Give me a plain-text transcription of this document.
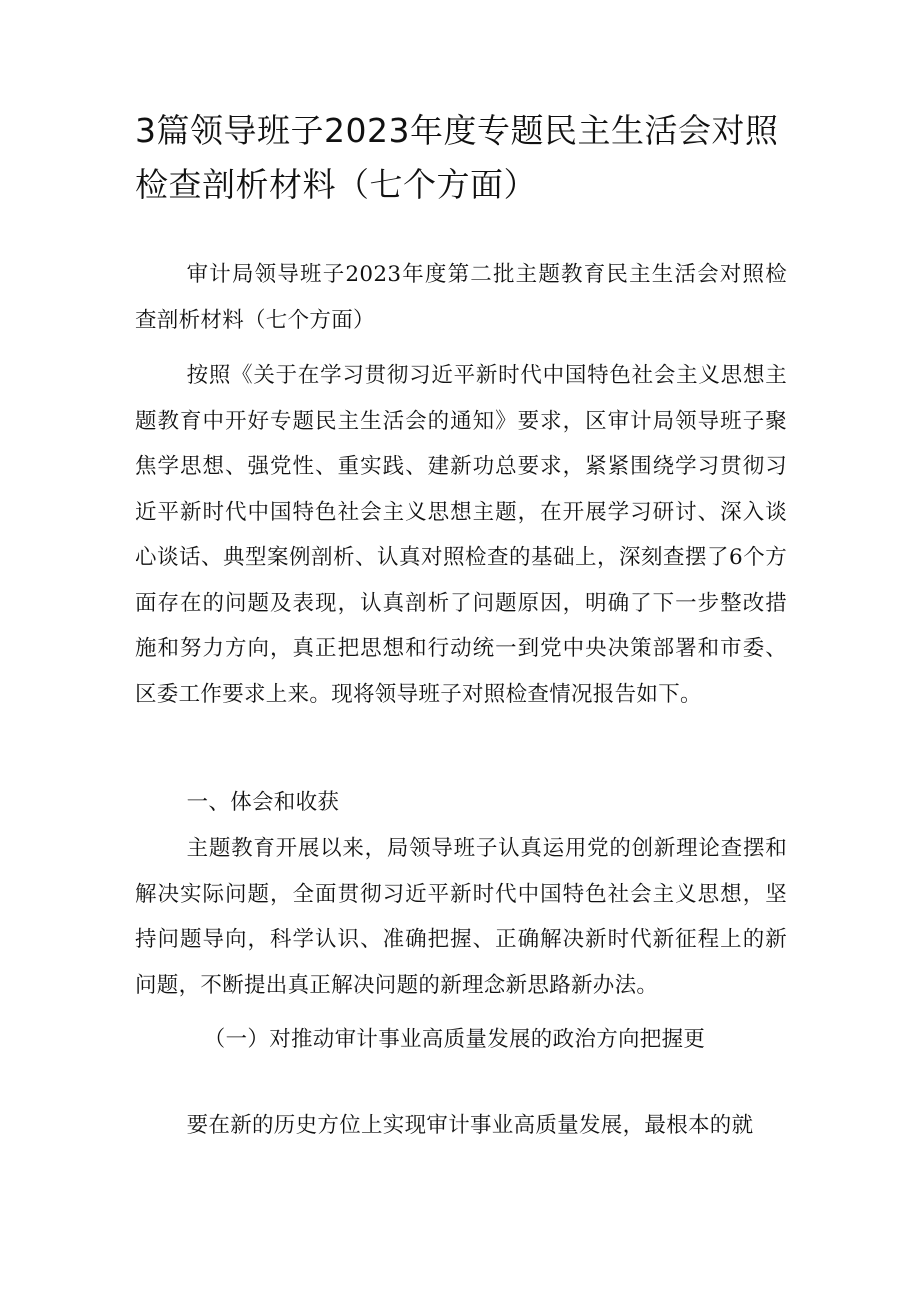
3篇领导班子2023年度专题民主生活会对照检查剖析材料（七个方面）

审计局领导班子2023年度第二批主题教育民主生活会对照检查剖析材料（七个方面）

按照《关于在学习贯彻习近平新时代中国特色社会主义思想主题教育中开好专题民主生活会的通知》要求，区审计局领导班子聚焦学思想、强党性、重实践、建新功总要求，紧紧围绕学习贯彻习近平新时代中国特色社会主义思想主题，在开展学习研讨、深入谈心谈话、典型案例剖析、认真对照检查的基础上，深刻查摆了6个方面存在的问题及表现，认真剖析了问题原因，明确了下一步整改措施和努力方向，真正把思想和行动统一到党中央决策部署和市委、区委工作要求上来。现将领导班子对照检查情况报告如下。

一、体会和收获

主题教育开展以来，局领导班子认真运用党的创新理论查摆和解决实际问题，全面贯彻习近平新时代中国特色社会主义思想，坚持问题导向，科学认识、准确把握、正确解决新时代新征程上的新问题，不断提出真正解决问题的新理念新思路新办法。

（一）对推动审计事业高质量发展的政治方向把握更

要在新的历史方位上实现审计事业高质量发展，最根本的就
